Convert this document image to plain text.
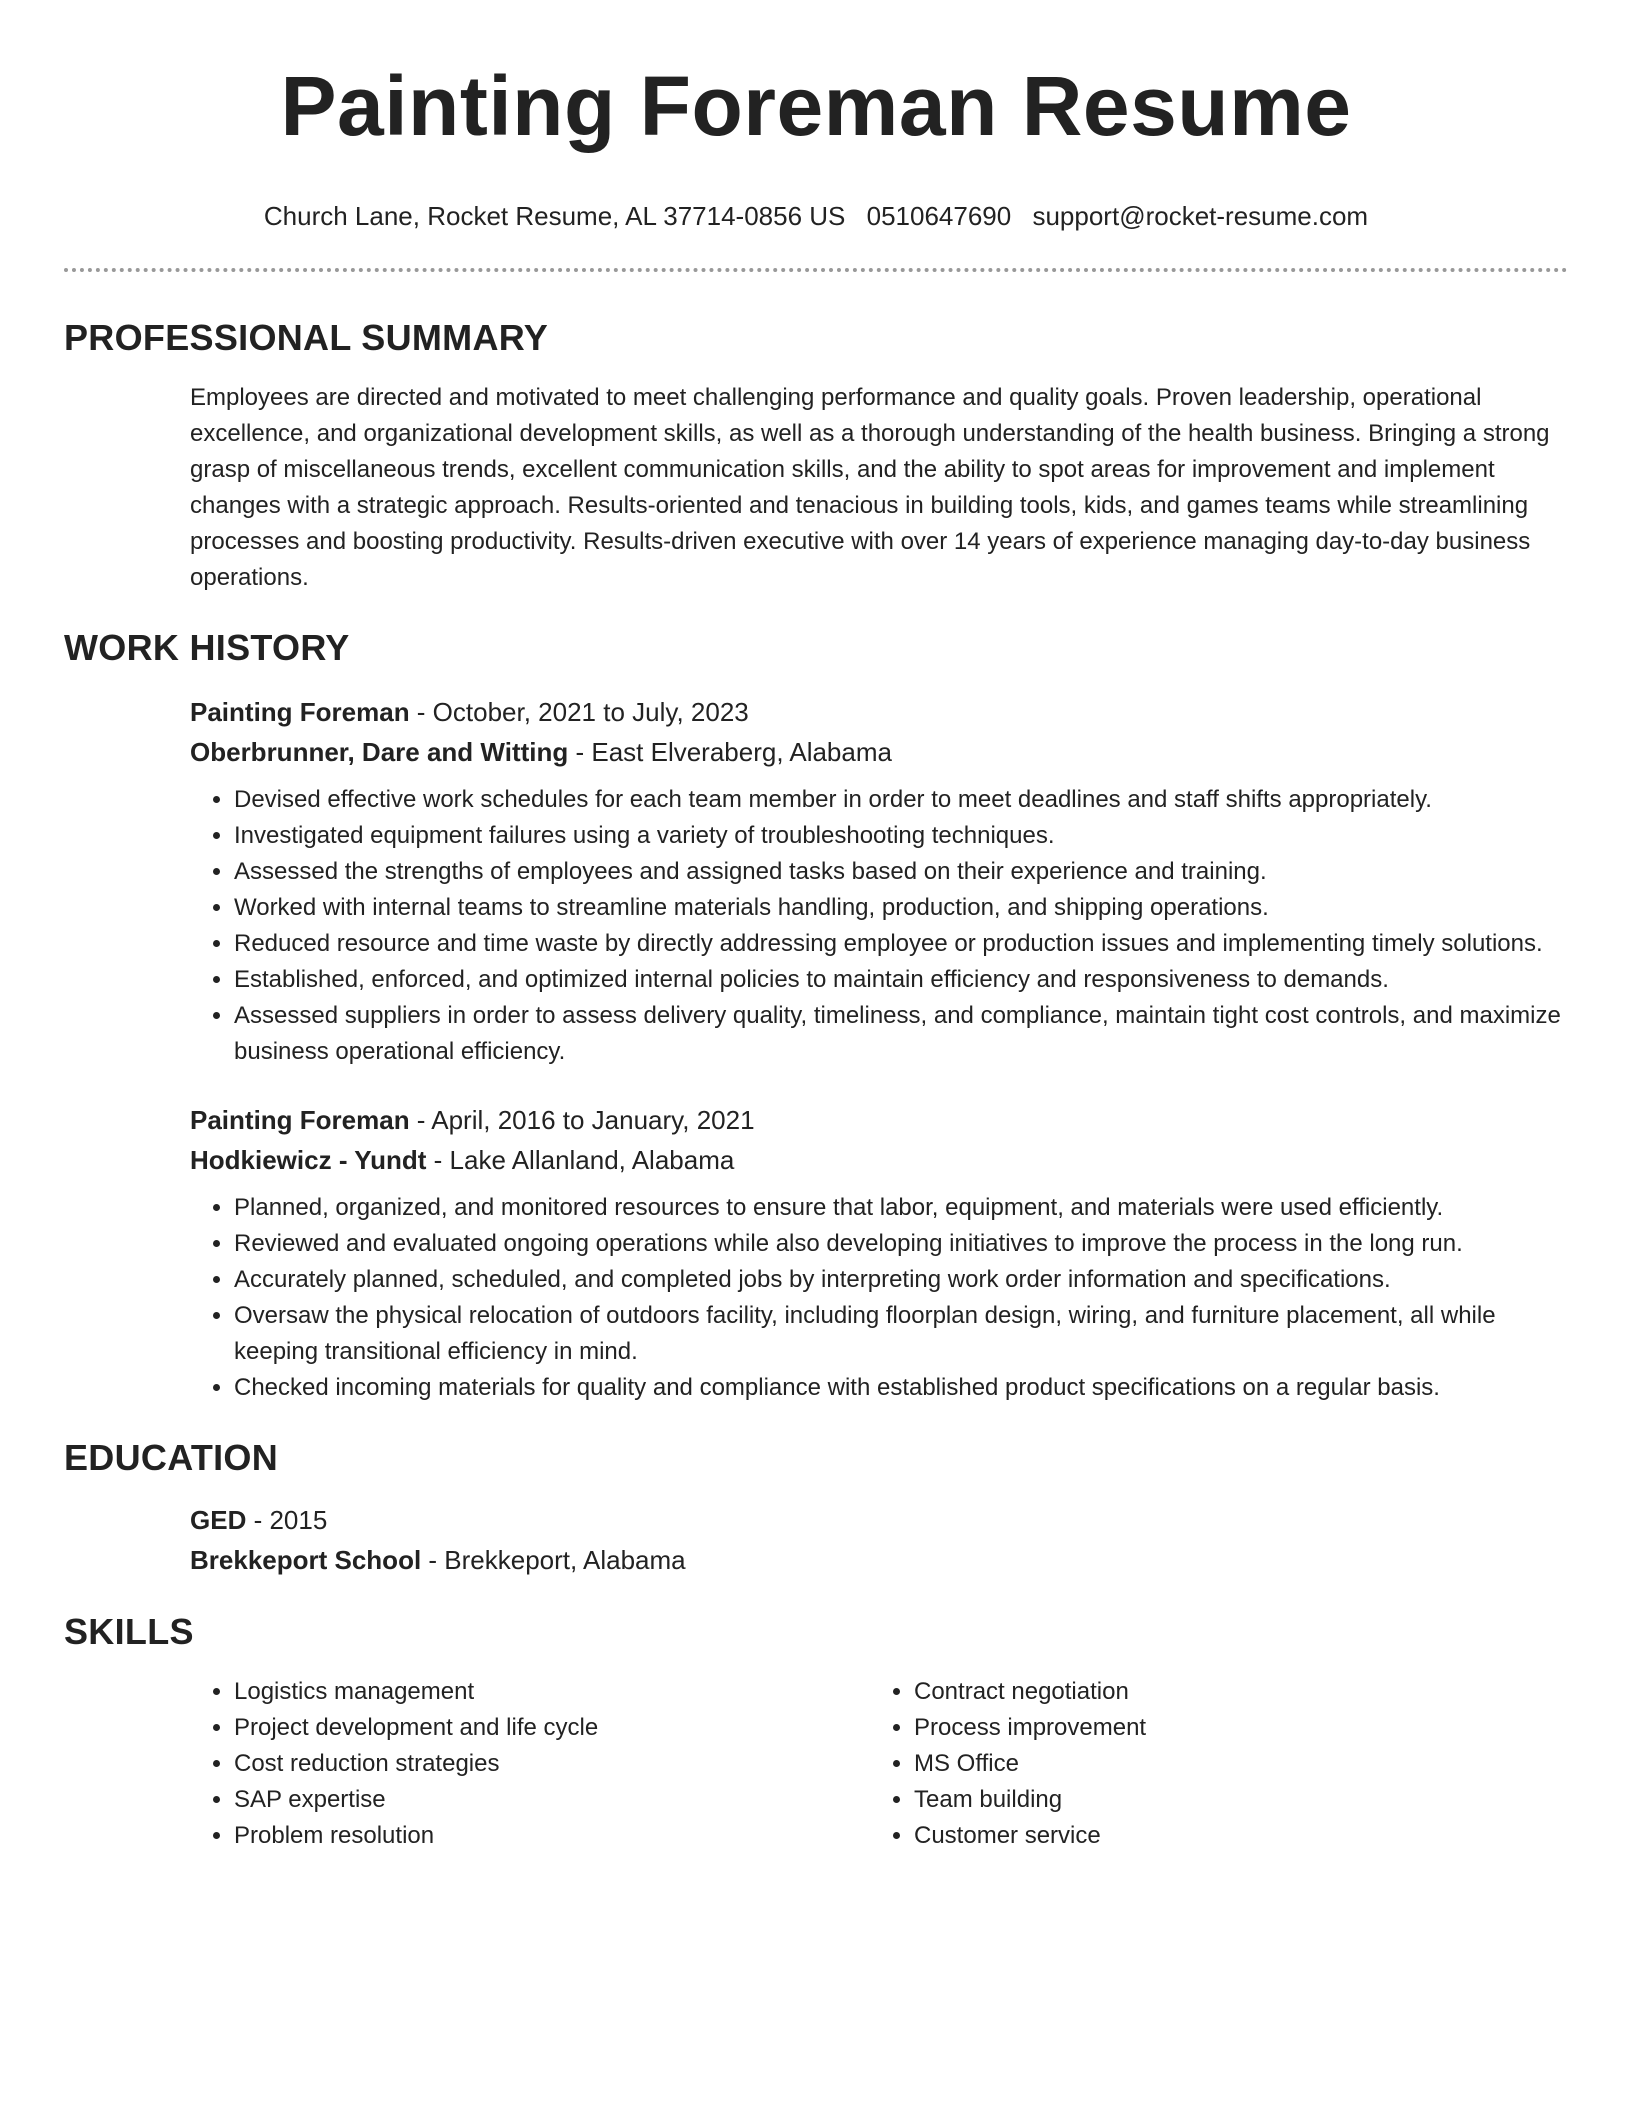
Painting Foreman Resume
Church Lane, Rocket Resume, AL 37714-0856 US 0510647690 support@rocket-resume.com
PROFESSIONAL SUMMARY

Employees are directed and motivated to meet challenging performance and quality goals. Proven leadership, operational excellence, and organizational development skills, as well as a thorough understanding of the health business. Bringing a strong grasp of miscellaneous trends, excellent communication skills, and the ability to spot areas for improvement and implement changes with a strategic approach. Results-oriented and tenacious in building tools, kids, and games teams while streamlining processes and boosting productivity. Results-driven executive with over 14 years of experience managing day-to-day business operations.

WORK HISTORY
Painting Foreman - October, 2021 to July, 2023
Oberbrunner, Dare and Witting - East Elveraberg, Alabama
• Devised effective work schedules for each team member in order to meet deadlines and staff shifts appropriately.
• Investigated equipment failures using a variety of troubleshooting techniques.
• Assessed the strengths of employees and assigned tasks based on their experience and training.
• Worked with internal teams to streamline materials handling, production, and shipping operations.
• Reduced resource and time waste by directly addressing employee or production issues and implementing timely solutions.
• Established, enforced, and optimized internal policies to maintain efficiency and responsiveness to demands.
• Assessed suppliers in order to assess delivery quality, timeliness, and compliance, maintain tight cost controls, and maximize business operational efficiency.
Painting Foreman - April, 2016 to January, 2021
Hodkiewicz - Yundt - Lake Allanland, Alabama
• Planned, organized, and monitored resources to ensure that labor, equipment, and materials were used efficiently.
• Reviewed and evaluated ongoing operations while also developing initiatives to improve the process in the long run.
• Accurately planned, scheduled, and completed jobs by interpreting work order information and specifications.
• Oversaw the physical relocation of outdoors facility, including floorplan design, wiring, and furniture placement, all while keeping transitional efficiency in mind.
• Checked incoming materials for quality and compliance with established product specifications on a regular basis.
EDUCATION
GED - 2015
Brekkeport School - Brekkeport, Alabama
SKILLS
• Logistics management
• Project development and life cycle
• Cost reduction strategies
• SAP expertise
• Problem resolution
• Contract negotiation
• Process improvement
• MS Office
• Team building
• Customer service
